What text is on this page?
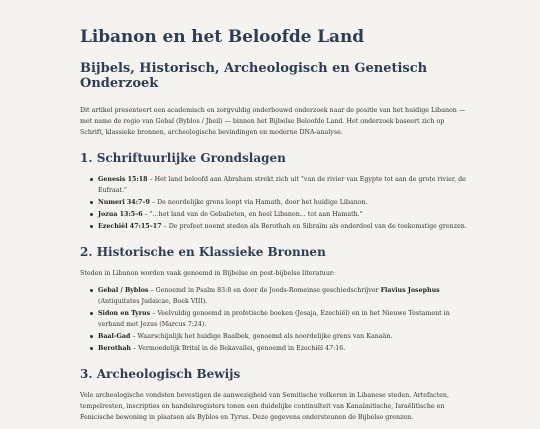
Libanon en het Beloofde Land
Bijbels, Historisch, Archeologisch en Genetisch Onderzoek

Dit artikel presenteert een academisch en zorgvuldig onderbouwd onderzoek naar de positie van het huidige Libanon — met name de regio van Gebal (Byblos / Jbeil) — binnen het Bijbelse Beloofde Land. Het onderzoek baseert zich op Schrift, klassieke bronnen, archeologische bevindingen en moderne DNA-analyse.

1. Schriftuurlijke Grondslagen
Genesis 15:18 – Het land beloofd aan Abraham strekt zich uit "van de rivier van Egypte tot aan de grote rivier, de Eufraat."
Numeri 34:7–9 – De noordelijke grens loopt via Hamath, door het huidige Libanon.
Jozua 13:5–6 – "...het land van de Gebalieten, en heel Libanon... tot aan Hamath."
Ezechiël 47:15–17 – De profeet noemt steden als Berothah en Sibraïm als onderdeel van de toekomstige grenzen.
2. Historische en Klassieke Bronnen

Steden in Libanon worden vaak genoemd in Bijbelse en post-bijbelse literatuur:

Gebal / Byblos – Genoemd in Psalm 83:8 en door de Joods-Romeinse geschiedschrijver Flavius Josephus (Antiquitates Judaicae, Boek VIII).
Sidon en Tyrus – Veelvuldig genoemd in profetische boeken (Jesaja, Ezechiël) en in het Nieuwe Testament in verband met Jezus (Marcus 7:24).
Baal-Gad – Waarschijnlijk het huidige Baalbek, genoemd als noordelijke grens van Kanaän.
Berothah – Vermoedelijk Brital in de Bekavallei, genoemd in Ezechiël 47:16.
3. Archeologisch Bewijs

Vele archeologische vondsten bevestigen de aanwezigheid van Semitische volkeren in Libanese steden. Artefacten, tempelresten, inscripties en handelsregisters tonen een duidelijke continuïteit van Kanaänitische, Israëlitische en Fenicische bewoning in plaatsen als Byblos en Tyrus. Deze gegevens ondersteunen de Bijbelse grenzen.
